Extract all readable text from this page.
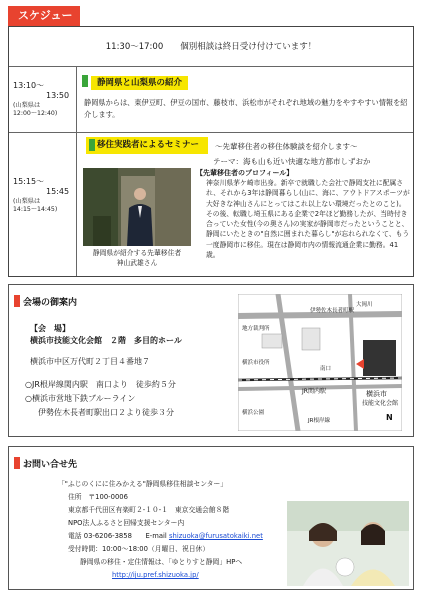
スケジュール
11:30～17:00　　個別相談は終日受け付けています！
13:10～
13:50
(山梨県は
12:00～12:40)
静岡県と山梨県の紹介
静岡県からは、東伊豆町、伊豆の国市、藤枝市、浜松市がそれぞれ地域の魅力をやすやすい情報を紹介します。
15:15～
15:45
(山梨県は
14:15～14:45)
移住実践者によるセミナー	～先輩移住者の移住体験談を紹介します～
テーマ：海も山も近い快適な地方都市しずおか
静岡県が紹介する先輩移住者
神山武雄さん
【先輩移住者のプロフィール】
神奈川県茅ケ崎市出身。新卒で就職した会社で静岡支社に配属され、それから3年は静岡暮らし(山に、海に、アウトドアスポーツが大好きな神山さんにとってはこれ以上ない環境だったとのこと)。その後、転職し埼玉県にある企業で2年ほど勤務したが、当時付き合っていた女性(今の奥さん)の実家が静岡市だったということと、静岡にいたときの"自然に囲まれた暮らし"が忘れられなくて、もう一度静岡市に移住。現在は静岡市内の情報流通企業に勤務。41歳。
会場の御案内
【会　場】
横浜市技能文化会館　２階　多目的ホール
横浜市中区万代町２丁目４番地７
○JR根岸線関内駅　南口より　徒歩約５分
○横浜市営地下鉄ブルーライン
伊勢佐木長者町駅出口２より徒歩３分
横浜市
技能文化会館
JR関内駅
南口
伊勢佐木長者町駅
横浜公園
地方裁判所
JR根岸線
横浜市役所
大岡川
N
お問い合せ先
「"ふじのくにに住みかえる"静岡県移住相談センター」
住所　〒100-0006
東京都千代田区有楽町２-１０-１　東京交通会館８階
NPO法人ふるさと回帰支援センター内
電話 03-6206-3858　　E-mail shizuoka@furusatokaiki.net
受付時間：10:00～18:00（月曜日、祝日休）
静岡県の移住・定住情報は、「ゆとりすと静岡」HPへ
http://iju.pref.shizuoka.jp/
